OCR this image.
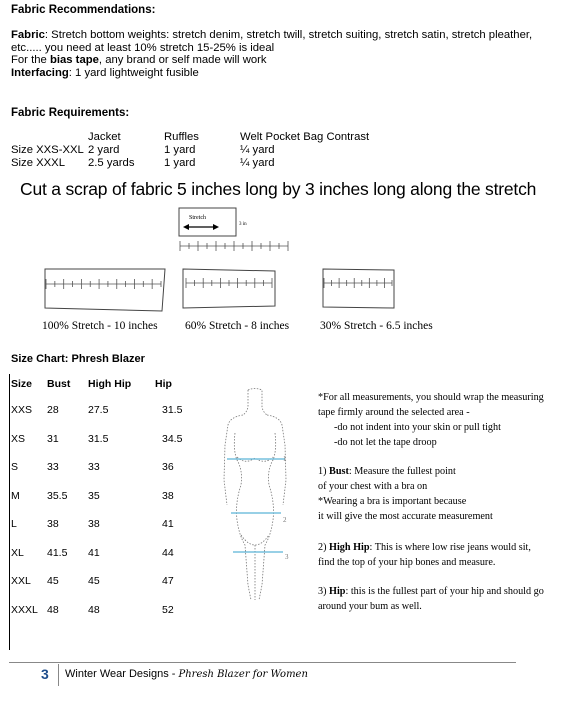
Fabric Recommendations:
Fabric: Stretch bottom weights: stretch denim, stretch twill, stretch suiting, stretch satin, stretch pleather, etc..... you need at least 10% stretch 15-25% is ideal
For the bias tape, any brand or self made will work
Interfacing: 1 yard lightweight fusible
Fabric Requirements:
Jacket	Ruffles	Welt Pocket Bag Contrast
Size XXS-XXL 2 yard	1 yard	¼ yard
Size XXXL 2.5 yards	1 yard	¼ yard
Cut a scrap of fabric 5 inches long by 3 inches long along the stretch
Stretch
3 in
100% Stretch - 10 inches 60% Stretch - 8 inches	30% Stretch - 6.5 inches
Size Chart: Phresh Blazer
Size Bust High Hip Hip
XXS 28	27.5	31.5
XS 31	31.5	34.5
S	33	33	36
M	35.5 35	38
L	38	38	41
XL 41.5 41	44
XXL 45	45	47
XXXL 48	48	52
1
2
3
*For all measurements, you should wrap the measuring
tape firmly around the selected area -
-do not indent into your skin or pull tight
-do not let the tape droop
1) Bust: Measure the fullest point
of your chest with a bra on
*Wearing a bra is important because
it will give the most accurate measurement
2) High Hip: This is where low rise jeans would sit,
find the top of your hip bones and measure.
3) Hip: this is the fullest part of your hip and should go
around your bum as well.
3 Winter Wear Designs - Phresh Blazer for Women
